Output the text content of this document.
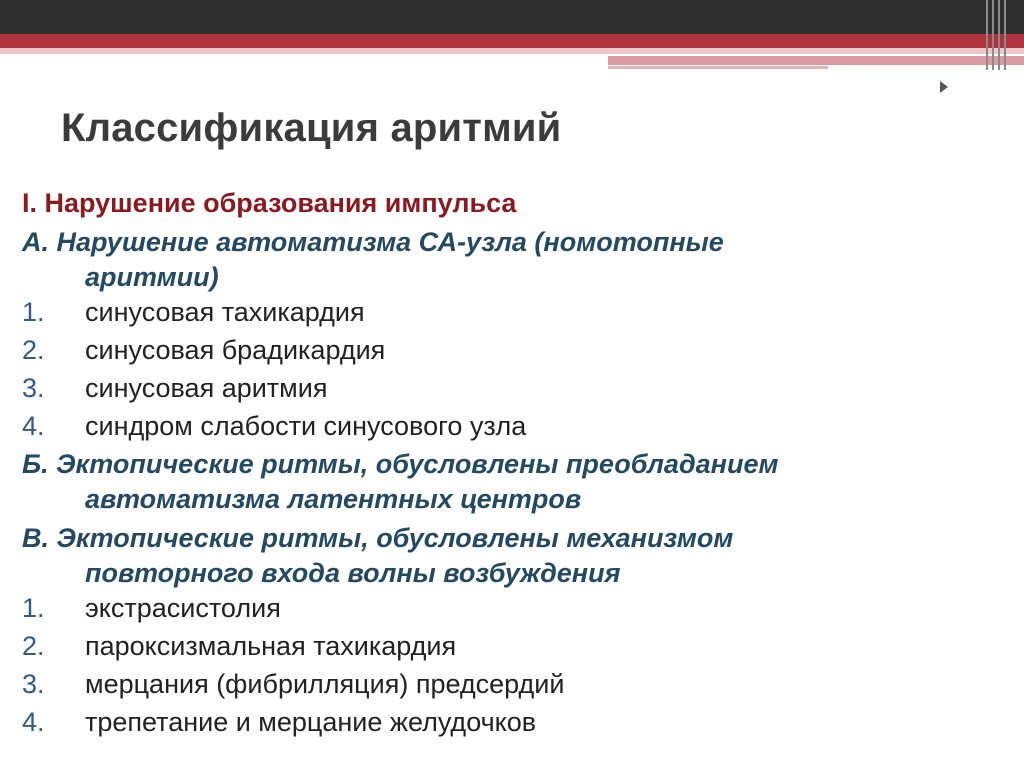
Классификация аритмий
I. Нарушение образования импульса
А. Нарушение автоматизма СА-узла (номотопные
аритмии)
1. синусовая тахикардия
2. синусовая брадикардия
3. синусовая аритмия
4. синдром слабости синусового узла
Б. Эктопические ритмы, обусловлены преобладанием
автоматизма латентных центров
В. Эктопические ритмы, обусловлены механизмом
повторного входа волны возбуждения
1. экстрасистолия
2. пароксизмальная тахикардия
3. мерцания (фибрилляция) предсердий
4. трепетание и мерцание желудочков
